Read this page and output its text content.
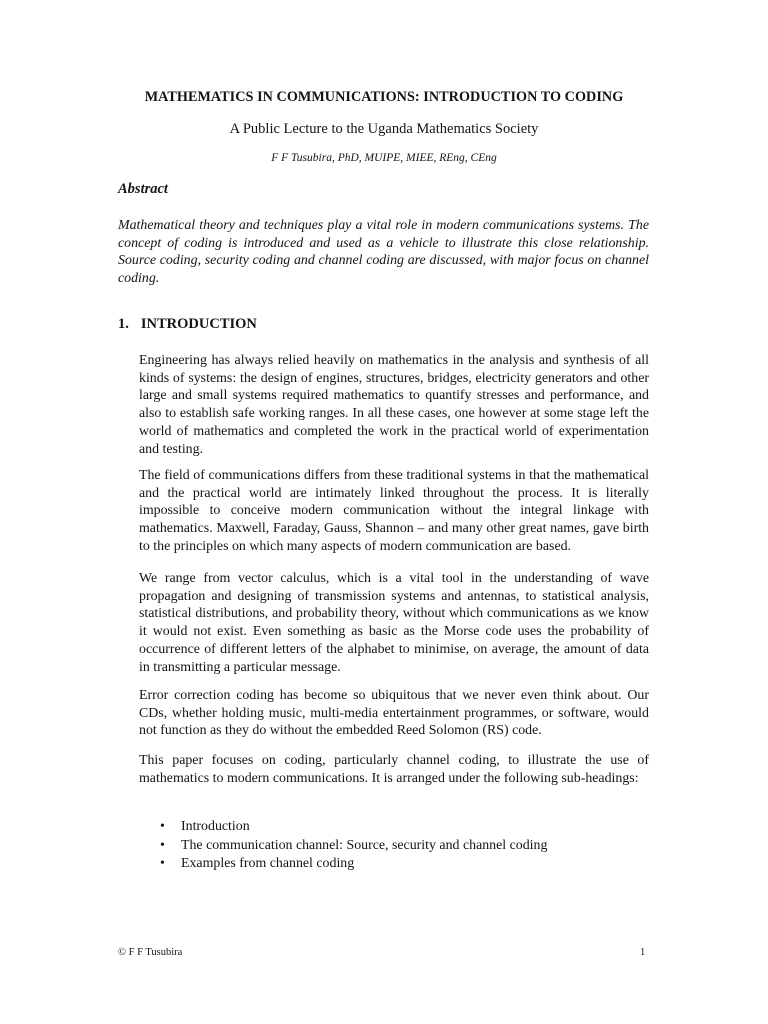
MATHEMATICS IN COMMUNICATIONS: INTRODUCTION TO CODING

A Public Lecture to the Uganda Mathematics Society

F F Tusubira, PhD, MUIPE, MIEE, REng, CEng

Abstract

Mathematical theory and techniques play a vital role in modern communications systems. The concept of coding is introduced and used as a vehicle to illustrate this close relationship. Source coding, security coding and channel coding are discussed, with major focus on channel coding.

1. INTRODUCTION

Engineering has always relied heavily on mathematics in the analysis and synthesis of all kinds of systems: the design of engines, structures, bridges, electricity generators and other large and small systems required mathematics to quantify stresses and performance, and also to establish safe working ranges. In all these cases, one however at some stage left the world of mathematics and completed the work in the practical world of experimentation and testing.

The field of communications differs from these traditional systems in that the mathematical and the practical world are intimately linked throughout the process. It is literally impossible to conceive modern communication without the integral linkage with mathematics. Maxwell, Faraday, Gauss, Shannon – and many other great names, gave birth to the principles on which many aspects of modern communication are based.

We range from vector calculus, which is a vital tool in the understanding of wave propagation and designing of transmission systems and antennas, to statistical analysis, statistical distributions, and probability theory, without which communications as we know it would not exist. Even something as basic as the Morse code uses the probability of occurrence of different letters of the alphabet to minimise, on average, the amount of data in transmitting a particular message.

Error correction coding has become so ubiquitous that we never even think about. Our CDs, whether holding music, multi-media entertainment programmes, or software, would not function as they do without the embedded Reed Solomon (RS) code.

This paper focuses on coding, particularly channel coding, to illustrate the use of mathematics to modern communications. It is arranged under the following sub-headings:

• Introduction
• The communication channel: Source, security and channel coding
• Examples from channel coding

© F F Tusubira	1
